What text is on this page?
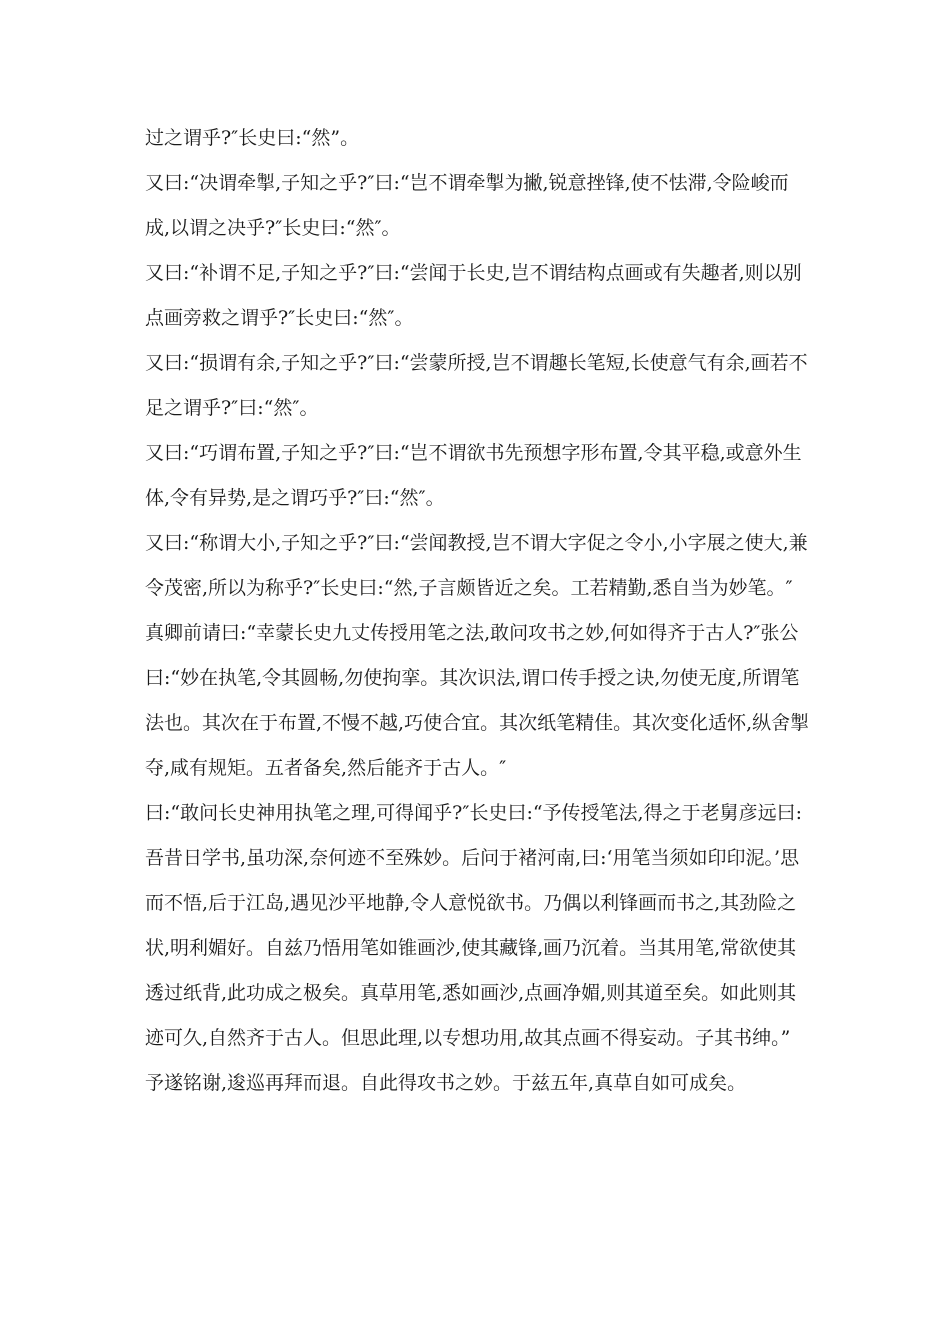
过之谓乎?″长史曰:“然”。

又曰:“决谓牵掣,子知之乎?″曰:“岂不谓牵掣为撇,锐意挫锋,使不怯滞,令险峻而成,以谓之决乎?″长史曰:“然″。

又曰:“补谓不足,子知之乎?″曰:“尝闻于长史,岂不谓结构点画或有失趣者,则以别点画旁救之谓乎?″长史曰:“然″。

又曰:“损谓有余,子知之乎?″曰:“尝蒙所授,岂不谓趣长笔短,长使意气有余,画若不足之谓乎?″曰:“然″。

又曰:“巧谓布置,子知之乎?″曰:“岂不谓欲书先预想字形布置,令其平稳,或意外生体,令有异势,是之谓巧乎?″曰:“然″。

又曰:“称谓大小,子知之乎?″曰:“尝闻教授,岂不谓大字促之令小,小字展之使大,兼令茂密,所以为称乎?″长史曰:“然,子言颇皆近之矣。工若精勤,悉自当为妙笔。″

真卿前请曰:“幸蒙长史九丈传授用笔之法,敢问攻书之妙,何如得齐于古人?″张公曰:“妙在执笔,令其圆畅,勿使拘挛。其次识法,谓口传手授之诀,勿使无度,所谓笔法也。其次在于布置,不慢不越,巧使合宜。其次纸笔精佳。其次变化适怀,纵舍掣夺,咸有规矩。五者备矣,然后能齐于古人。″

曰:“敢问长史神用执笔之理,可得闻乎?″长史曰:“予传授笔法,得之于老舅彦远曰:吾昔日学书,虽功深,奈何迹不至殊妙。后问于褚河南,曰:‘用笔当须如印印泥。’思而不悟,后于江岛,遇见沙平地静,令人意悦欲书。乃偶以利锋画而书之,其劲险之状,明利媚好。自兹乃悟用笔如锥画沙,使其藏锋,画乃沉着。当其用笔,常欲使其透过纸背,此功成之极矣。真草用笔,悉如画沙,点画净媚,则其道至矣。如此则其迹可久,自然齐于古人。但思此理,以专想功用,故其点画不得妄动。子其书绅。”

予遂铭谢,逡巡再拜而退。自此得攻书之妙。于兹五年,真草自如可成矣。
